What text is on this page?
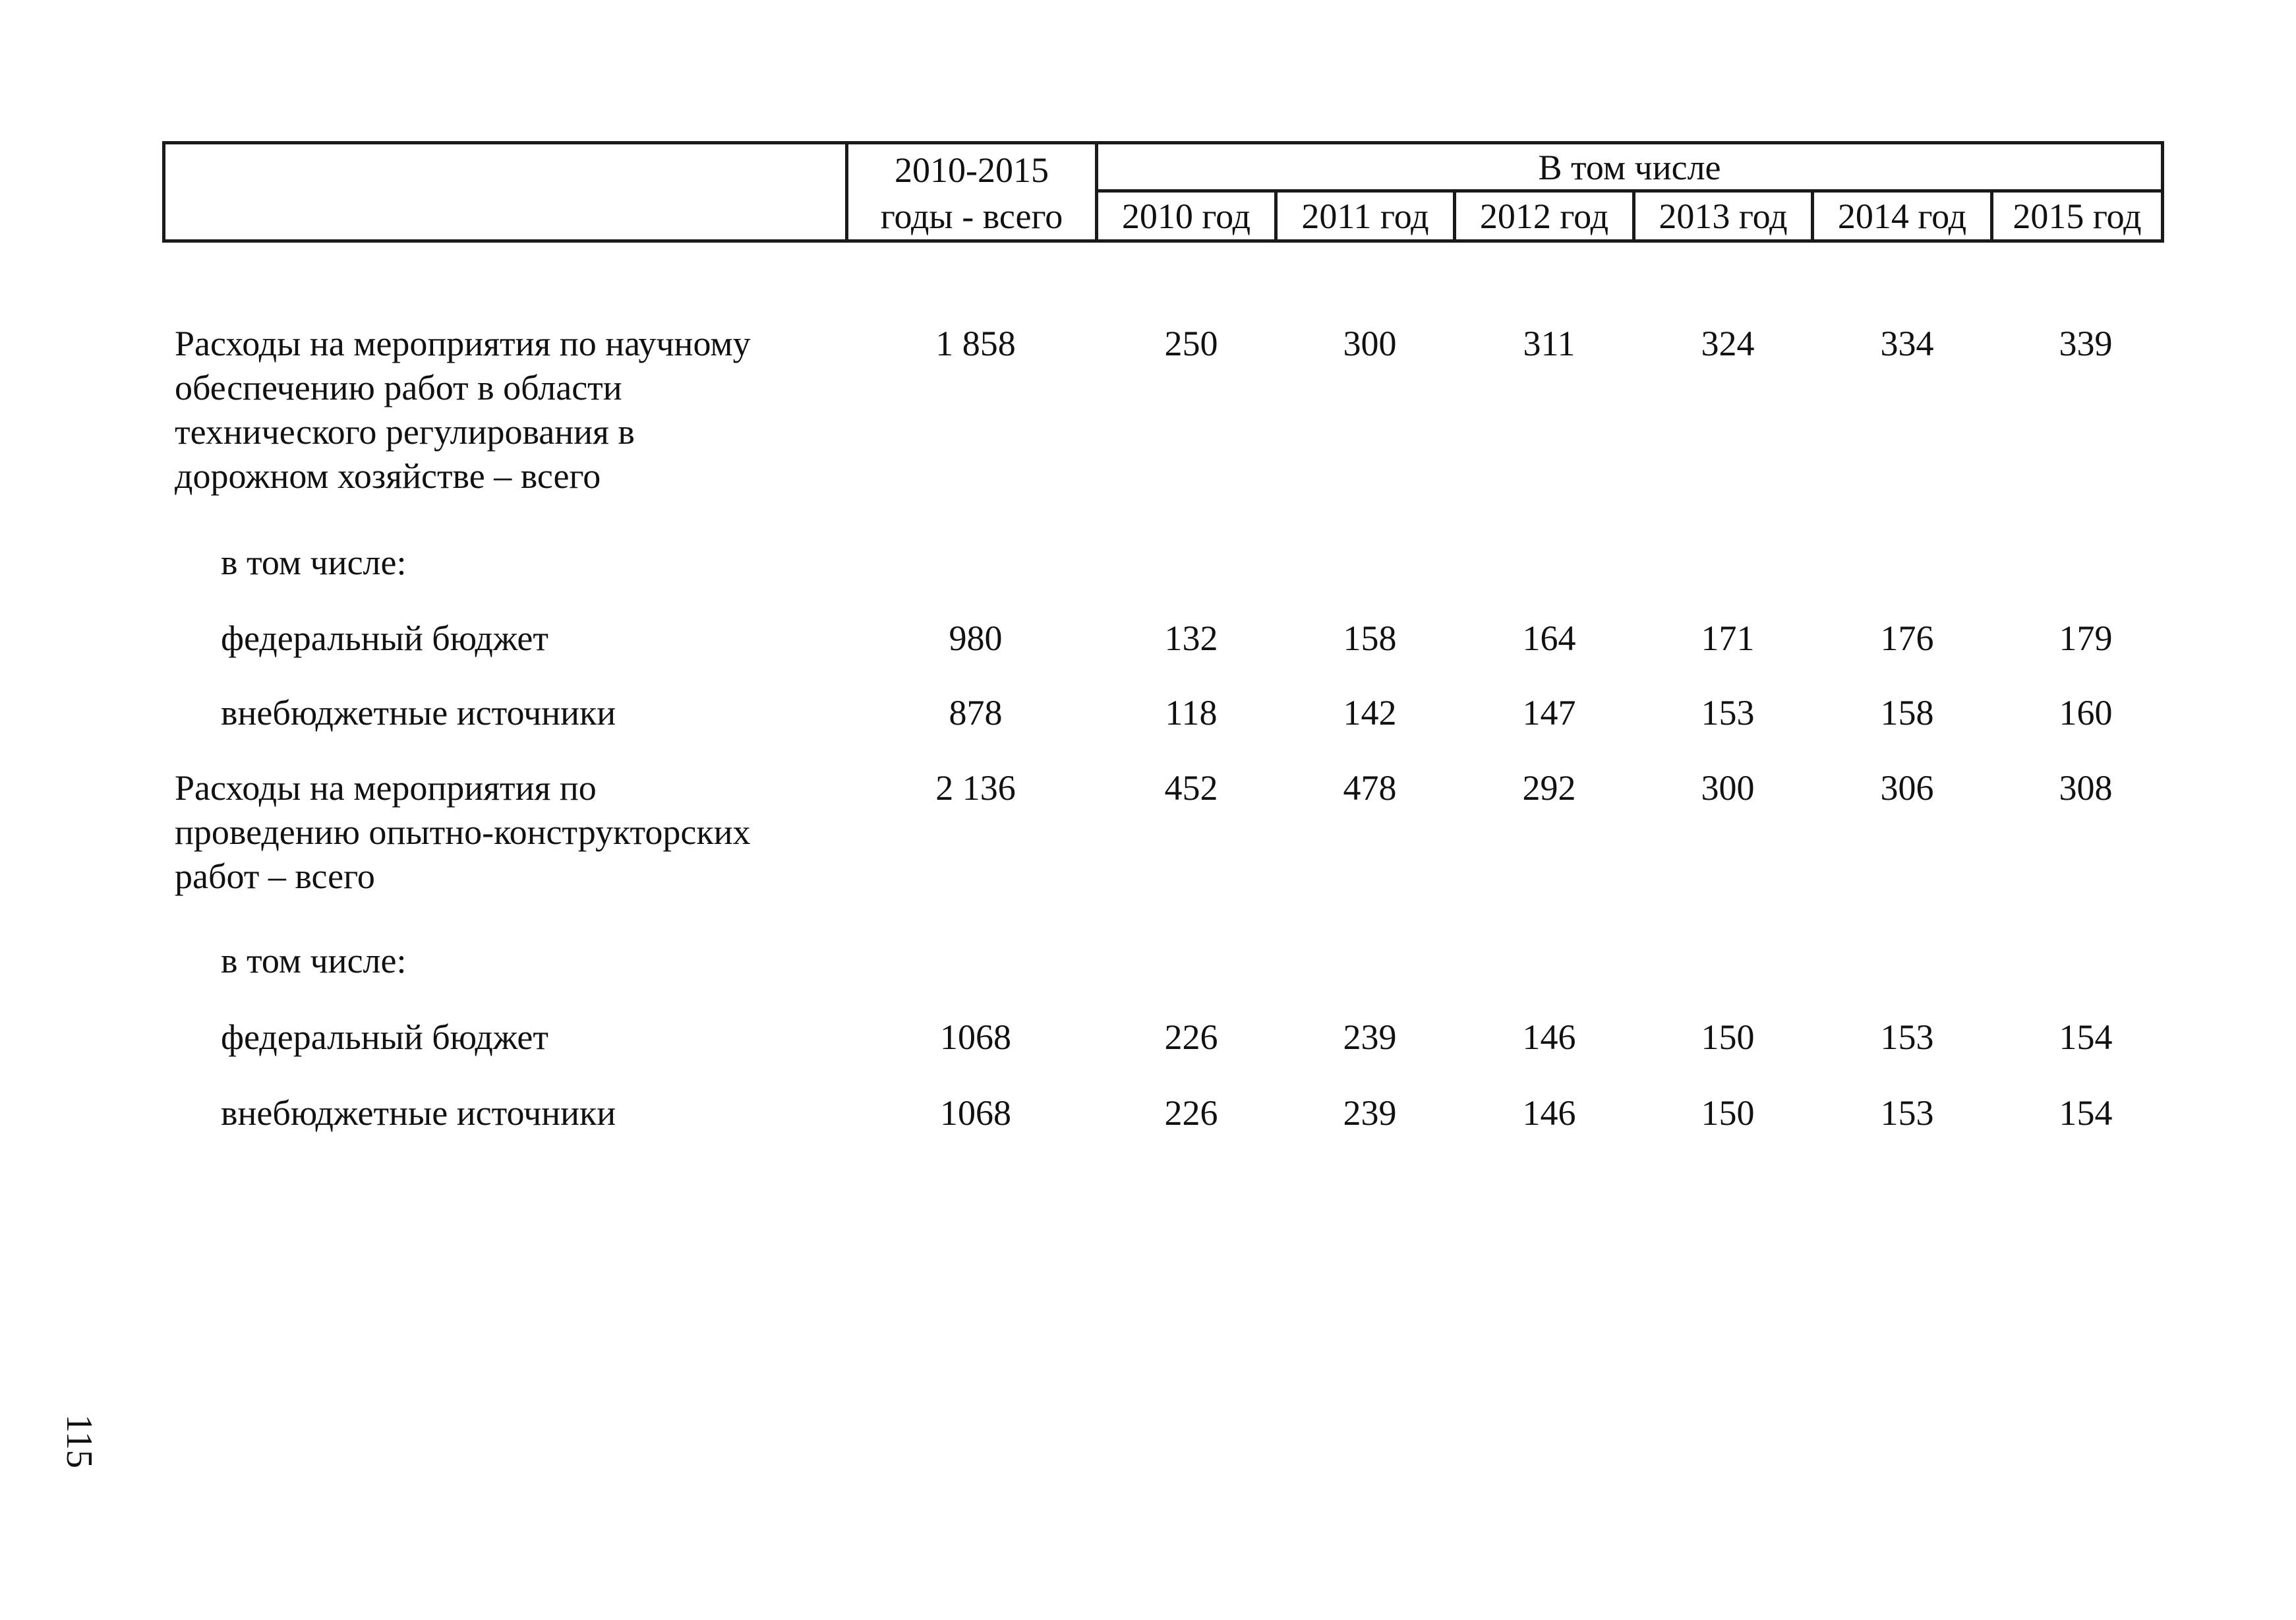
2010-2015
годы - всего
В том числе
2010 год	2011 год	2012 год	2013 год	2014 год	2015 год
Расходы на мероприятия по научному
обеспечению работ в области
технического регулирования в
дорожном хозяйстве – всего
1 858	250	300	311	324	334	339
в том числе:
федеральный бюджет	980	132	158	164	171	176	179
внебюджетные источники	878	118	142	147	153	158	160
Расходы на мероприятия по
проведению опытно-конструкторских
работ – всего
2 136	452	478	292	300	306	308
в том числе:
федеральный бюджет	1068	226	239	146	150	153	154
внебюджетные источники	1068	226	239	146	150	153	154
115
